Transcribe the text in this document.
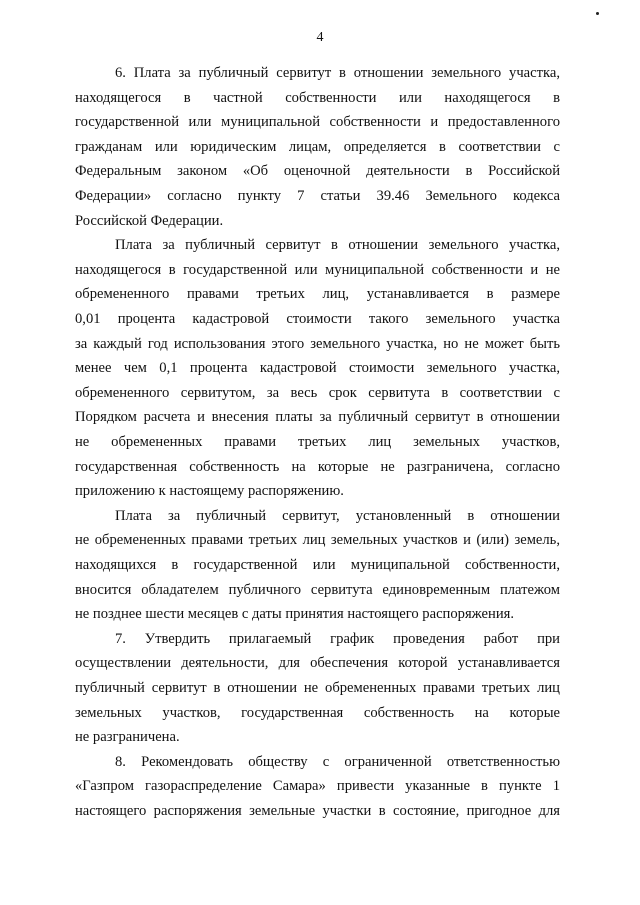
4
6. Плата за публичный сервитут в отношении земельного участка,
находящегося в частной собственности или находящегося в
государственной или муниципальной собственности и предоставленного
гражданам или юридическим лицам, определяется в соответствии с
Федеральным законом «Об оценочной деятельности в Российской
Федерации» согласно пункту 7 статьи 39.46 Земельного кодекса
Российской Федерации.
Плата за публичный сервитут в отношении земельного участка,
находящегося в государственной или муниципальной собственности и не
обремененного правами третьих лиц, устанавливается в размере
0,01 процента кадастровой стоимости такого земельного участка
за каждый год использования этого земельного участка, но не может быть
менее чем 0,1 процента кадастровой стоимости земельного участка,
обремененного сервитутом, за весь срок сервитута в соответствии с
Порядком расчета и внесения платы за публичный сервитут в отношении
не обремененных правами третьих лиц земельных участков,
государственная собственность на которые не разграничена, согласно
приложению к настоящему распоряжению.
Плата за публичный сервитут, установленный в отношении
не обремененных правами третьих лиц земельных участков и (или) земель,
находящихся в государственной или муниципальной собственности,
вносится обладателем публичного сервитута единовременным платежом
не позднее шести месяцев с даты принятия настоящего распоряжения.
7. Утвердить прилагаемый график проведения работ при
осуществлении деятельности, для обеспечения которой устанавливается
публичный сервитут в отношении не обремененных правами третьих лиц
земельных участков, государственная собственность на которые
не разграничена.
8. Рекомендовать обществу с ограниченной ответственностью
«Газпром газораспределение Самара» привести указанные в пункте 1
настоящего распоряжения земельные участки в состояние, пригодное для
